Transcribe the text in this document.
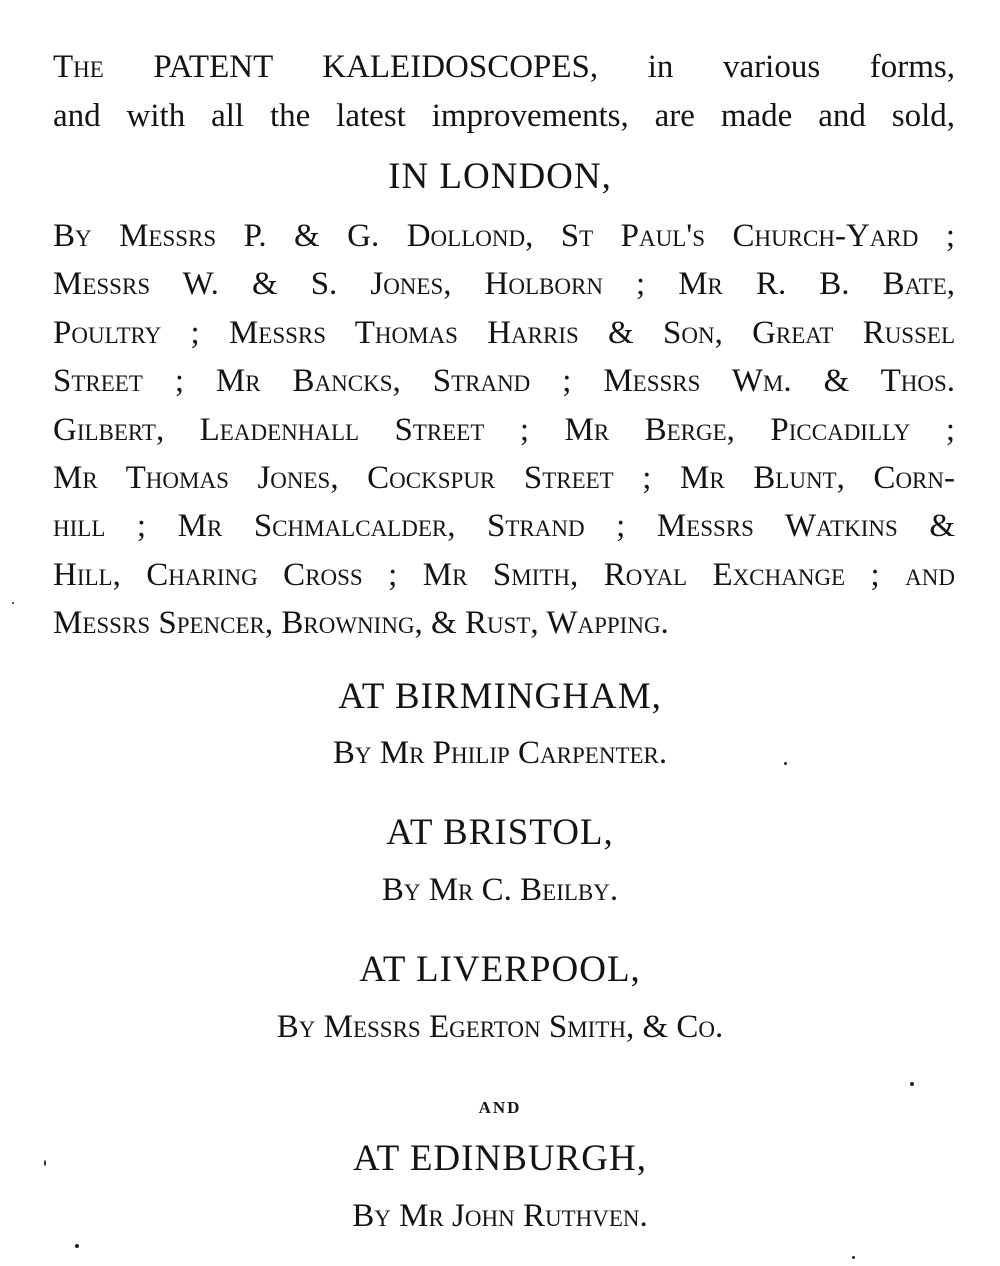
The PATENT KALEIDOSCOPES, in various forms,
and with all the latest improvements, are made and sold,
IN LONDON,
By Messrs P. & G. Dollond, St Paul's Church-Yard ;
Messrs W. & S. Jones, Holborn ; Mr R. B. Bate,
Poultry ; Messrs Thomas Harris & Son, Great Russel
Street ; Mr Bancks, Strand ; Messrs Wm. & Thos.
Gilbert, Leadenhall Street ; Mr Berge, Piccadilly ;
Mr Thomas Jones, Cockspur Street ; Mr Blunt, Corn-
hill ; Mr Schmalcalder, Strand ; Messrs Watkins &
Hill, Charing Cross ; Mr Smith, Royal Exchange ; and
Messrs Spencer, Browning, & Rust, Wapping.
AT BIRMINGHAM,
By Mr Philip Carpenter.
AT BRISTOL,
By Mr C. Beilby.
AT LIVERPOOL,
By Messrs Egerton Smith, & Co.
AND
AT EDINBURGH,
By Mr John Ruthven.
